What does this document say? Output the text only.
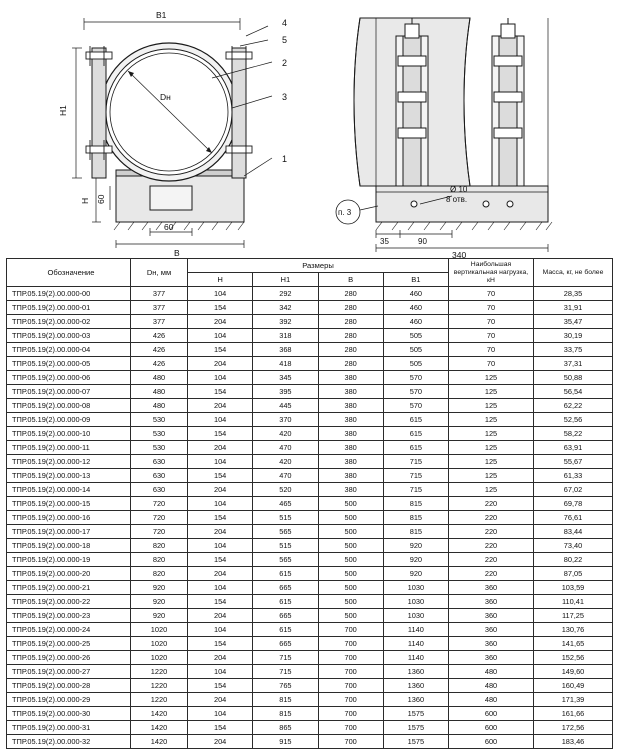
B1
Dн
H1
H 60
60
B
4
5
2
3
1
п. 3
Ø 10
8 отв.
35	90
340
Обозначение	Dн, мм	Размеры				Наибольшая вертикальная нагрузка, кН	Масса, кг, не более
		H	H1	B	B1		
ТПР.05.19(2).00.000-00	377	104	292	280	460	70	28,35
ТПР.05.19(2).00.000-01	377	154	342	280	460	70	31,91
ТПР.05.19(2).00.000-02	377	204	392	280	460	70	35,47
ТПР.05.19(2).00.000-03	426	104	318	280	505	70	30,19
ТПР.05.19(2).00.000-04	426	154	368	280	505	70	33,75
ТПР.05.19(2).00.000-05	426	204	418	280	505	70	37,31
ТПР.05.19(2).00.000-06	480	104	345	380	570	125	50,88
ТПР.05.19(2).00.000-07	480	154	395	380	570	125	56,54
ТПР.05.19(2).00.000-08	480	204	445	380	570	125	62,22
ТПР.05.19(2).00.000-09	530	104	370	380	615	125	52,56
ТПР.05.19(2).00.000-10	530	154	420	380	615	125	58,22
ТПР.05.19(2).00.000-11	530	204	470	380	615	125	63,91
ТПР.05.19(2).00.000-12	630	104	420	380	715	125	55,67
ТПР.05.19(2).00.000-13	630	154	470	380	715	125	61,33
ТПР.05.19(2).00.000-14	630	204	520	380	715	125	67,02
ТПР.05.19(2).00.000-15	720	104	465	500	815	220	69,78
ТПР.05.19(2).00.000-16	720	154	515	500	815	220	76,61
ТПР.05.19(2).00.000-17	720	204	565	500	815	220	83,44
ТПР.05.19(2).00.000-18	820	104	515	500	920	220	73,40
ТПР.05.19(2).00.000-19	820	154	565	500	920	220	80,22
ТПР.05.19(2).00.000-20	820	204	615	500	920	220	87,05
ТПР.05.19(2).00.000-21	920	104	665	500	1030	360	103,59
ТПР.05.19(2).00.000-22	920	154	615	500	1030	360	110,41
ТПР.05.19(2).00.000-23	920	204	665	500	1030	360	117,25
ТПР.05.19(2).00.000-24	1020	104	615	700	1140	360	130,76
ТПР.05.19(2).00.000-25	1020	154	665	700	1140	360	141,65
ТПР.05.19(2).00.000-26	1020	204	715	700	1140	360	152,56
ТПР.05.19(2).00.000-27	1220	104	715	700	1360	480	149,60
ТПР.05.19(2).00.000-28	1220	154	765	700	1360	480	160,49
ТПР.05.19(2).00.000-29	1220	204	815	700	1360	480	171,39
ТПР.05.19(2).00.000-30	1420	104	815	700	1575	600	161,66
ТПР.05.19(2).00.000-31	1420	154	865	700	1575	600	172,56
ТПР.05.19(2).00.000-32	1420	204	915	700	1575	600	183,46
